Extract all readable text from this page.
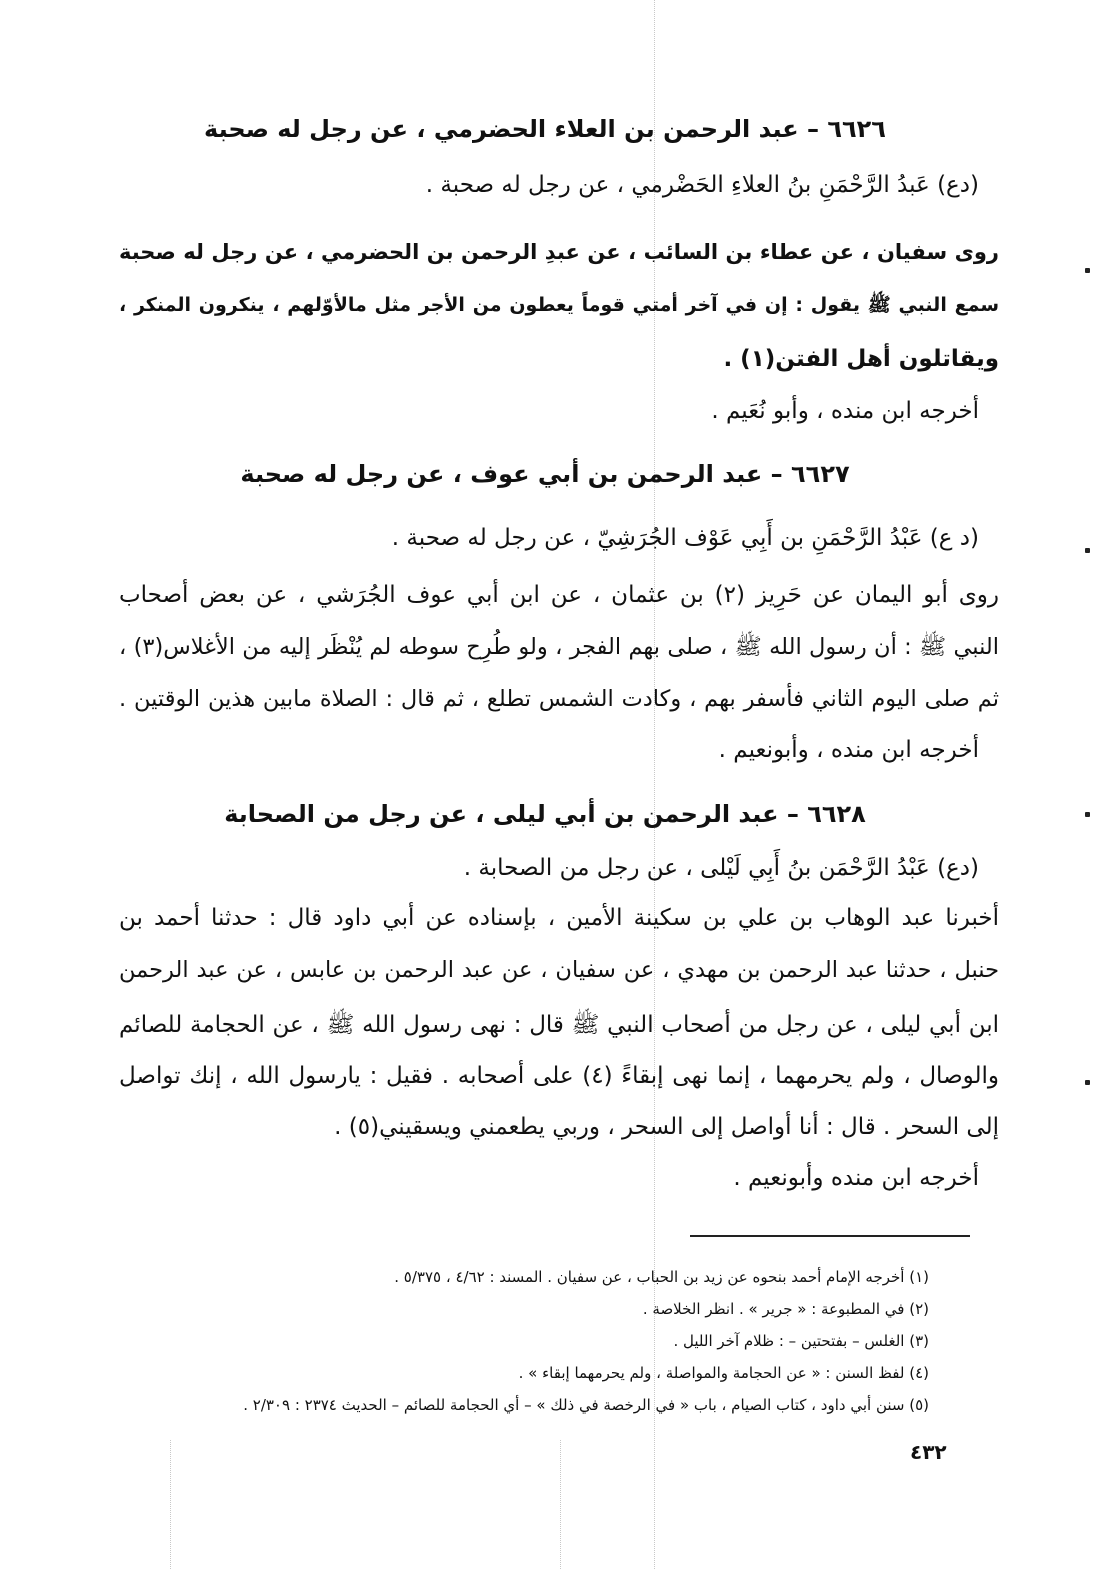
٦٦٢٦ – عبد الرحمن بن العلاء الحضرمي ، عن رجل له صحبة
(دع) عَبدُ الرَّحْمَنِ بنُ العلاءِ الحَضْرمي ، عن رجل له صحبة .
روى سفيان ، عن عطاء بن السائب ، عن عبدِ الرحمن بن الحضرمي ، عن رجل له صحبة
سمع النبي ﷺ يقول : إن في آخر أمتي قوماً يعطون من الأجر مثل مالأوّلهم ، ينكرون المنكر ،
ويقاتلون أهل الفتن(١) .
أخرجه ابن منده ، وأبو نُعَيم .
٦٦٢٧ – عبد الرحمن بن أبي عوف ، عن رجل له صحبة
(د ع) عَبْدُ الرَّحْمَنِ بن أَبِي عَوْف الجُرَشِيّ ، عن رجل له صحبة .
روى أبو اليمان عن حَرِيز (٢) بن عثمان ، عن ابن أبي عوف الجُرَشي ، عن بعض أصحاب
النبي ﷺ : أن رسول الله ﷺ ، صلى بهم الفجر ، ولو طُرِح سوطه لم يُنْظَر إليه من الأغلاس(٣) ،
ثم صلى اليوم الثاني فأسفر بهم ، وكادت الشمس تطلع ، ثم قال : الصلاة مابين هذين الوقتين .
أخرجه ابن منده ، وأبونعيم .
٦٦٢٨ – عبد الرحمن بن أبي ليلى ، عن رجل من الصحابة
(دع) عَبْدُ الرَّحْمَن بنُ أَبِي لَيْلى ، عن رجل من الصحابة .
أخبرنا عبد الوهاب بن علي بن سكينة الأمين ، بإسناده عن أبي داود قال : حدثنا أحمد بن
حنبل ، حدثنا عبد الرحمن بن مهدي ، عن سفيان ، عن عبد الرحمن بن عابس ، عن عبد الرحمن
ابن أبي ليلى ، عن رجل من أصحاب النبي ﷺ قال : نهى رسول الله ﷺ ، عن الحجامة للصائم
والوصال ، ولم يحرمهما ، إنما نهى إبقاءً (٤) على أصحابه . فقيل : يارسول الله ، إنك تواصل
إلى السحر . قال : أنا أواصل إلى السحر ، وربي يطعمني ويسقيني(٥) .
أخرجه ابن منده وأبونعيم .
(١) أخرجه الإمام أحمد بنحوه عن زيد بن الحباب ، عن سفيان . المسند : ٤/٦٢ ، ٥/٣٧٥ .
(٢) في المطبوعة : « جرير » . انظر الخلاصة .
(٣) الغلس – بفتحتين – : ظلام آخر الليل .
(٤) لفظ السنن : « عن الحجامة والمواصلة ، ولم يحرمهما إبقاء » .
(٥) سنن أبي داود ، كتاب الصيام ، باب « في الرخصة في ذلك » – أي الحجامة للصائم – الحديث ٢٣٧٤ : ٢/٣٠٩ .
٤٣٢
